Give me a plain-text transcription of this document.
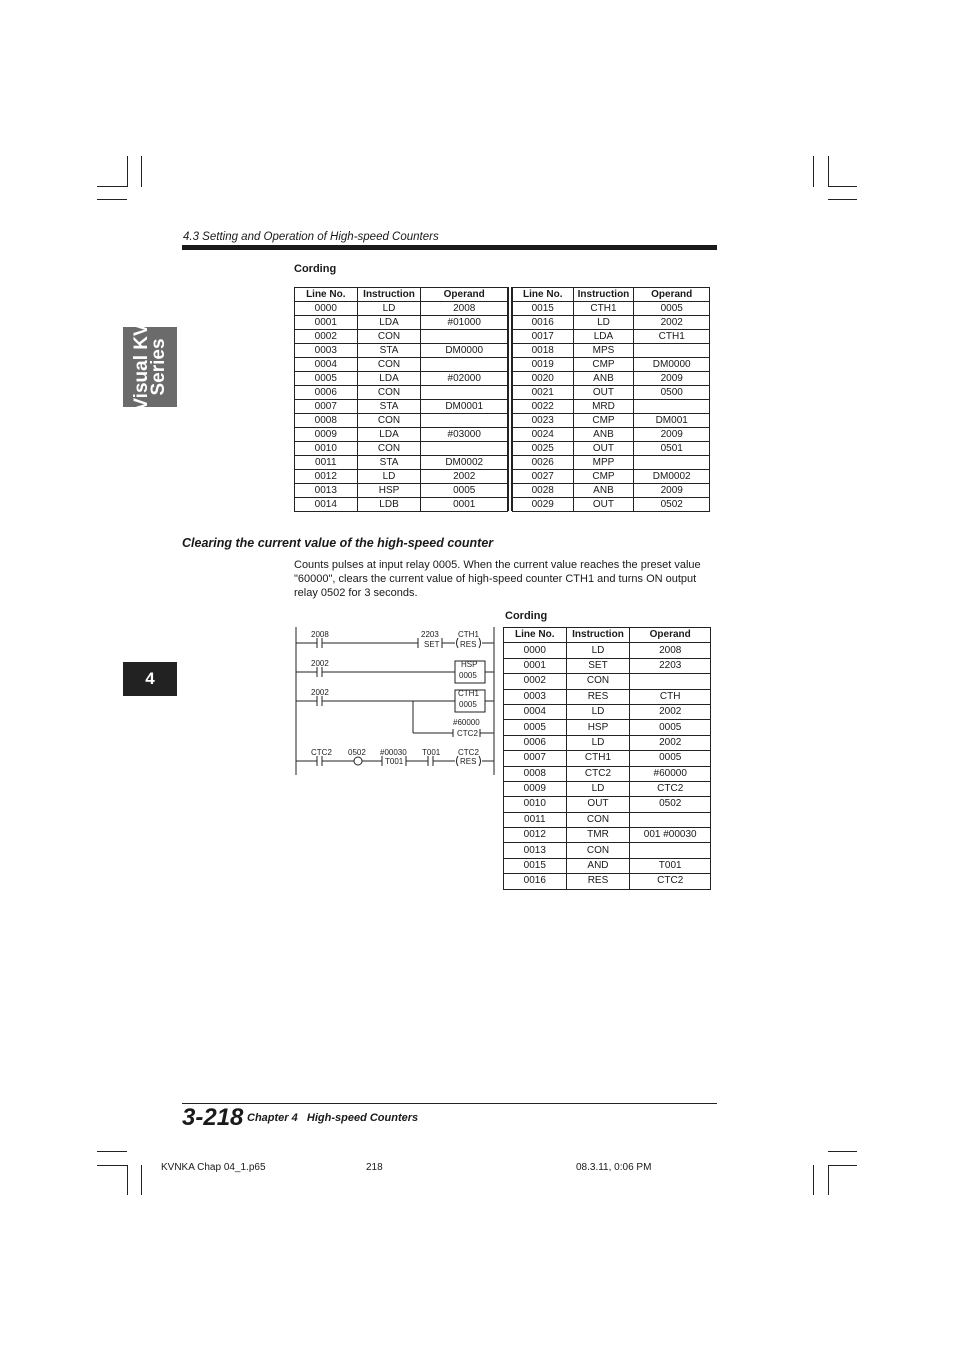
4.3 Setting and Operation of High-speed Counters
Visual KV
Series
4
Cording
Line No.	Instruction	Operand
0000	LD	2008
0001	LDA	#01000
0002	CON	
0003	STA	DM0000
0004	CON	
0005	LDA	#02000
0006	CON	
0007	STA	DM0001
0008	CON	
0009	LDA	#03000
0010	CON	
0011	STA	DM0002
0012	LD	2002
0013	HSP	0005
0014	LDB	0001
Line No.	Instruction	Operand
0015	CTH1	0005
0016	LD	2002
0017	LDA	CTH1
0018	MPS	
0019	CMP	DM0000
0020	ANB	2009
0021	OUT	0500
0022	MRD	
0023	CMP	DM001
0024	ANB	2009
0025	OUT	0501
0026	MPP	
0027	CMP	DM0002
0028	ANB	2009
0029	OUT	0502
Clearing the current value of the high-speed counter
Counts pulses at input relay 0005. When the current value reaches the preset value "60000", clears the current value of high-speed counter CTH1 and turns ON output relay 0502 for 3 seconds.
2008	2203
SET
CTH1
RES
2002	HSP
0005
2002	CTH1
0005
#60000
CTC2
CTC2 0502 #00030
T001
T001 CTC2
RES
Cording
Line No.	Instruction	Operand
0000	LD	2008
0001	SET	2203
0002	CON	
0003	RES	CTH
0004	LD	2002
0005	HSP	0005
0006	LD	2002
0007	CTH1	0005
0008	CTC2	#60000
0009	LD	CTC2
0010	OUT	0502
0011	CON	
0012	TMR	001 #00030
0013	CON	
0015	AND	T001
0016	RES	CTC2
3-218 Chapter 4   High-speed Counters
KVNKA Chap 04_1.p65	218	08.3.11, 0:06 PM
